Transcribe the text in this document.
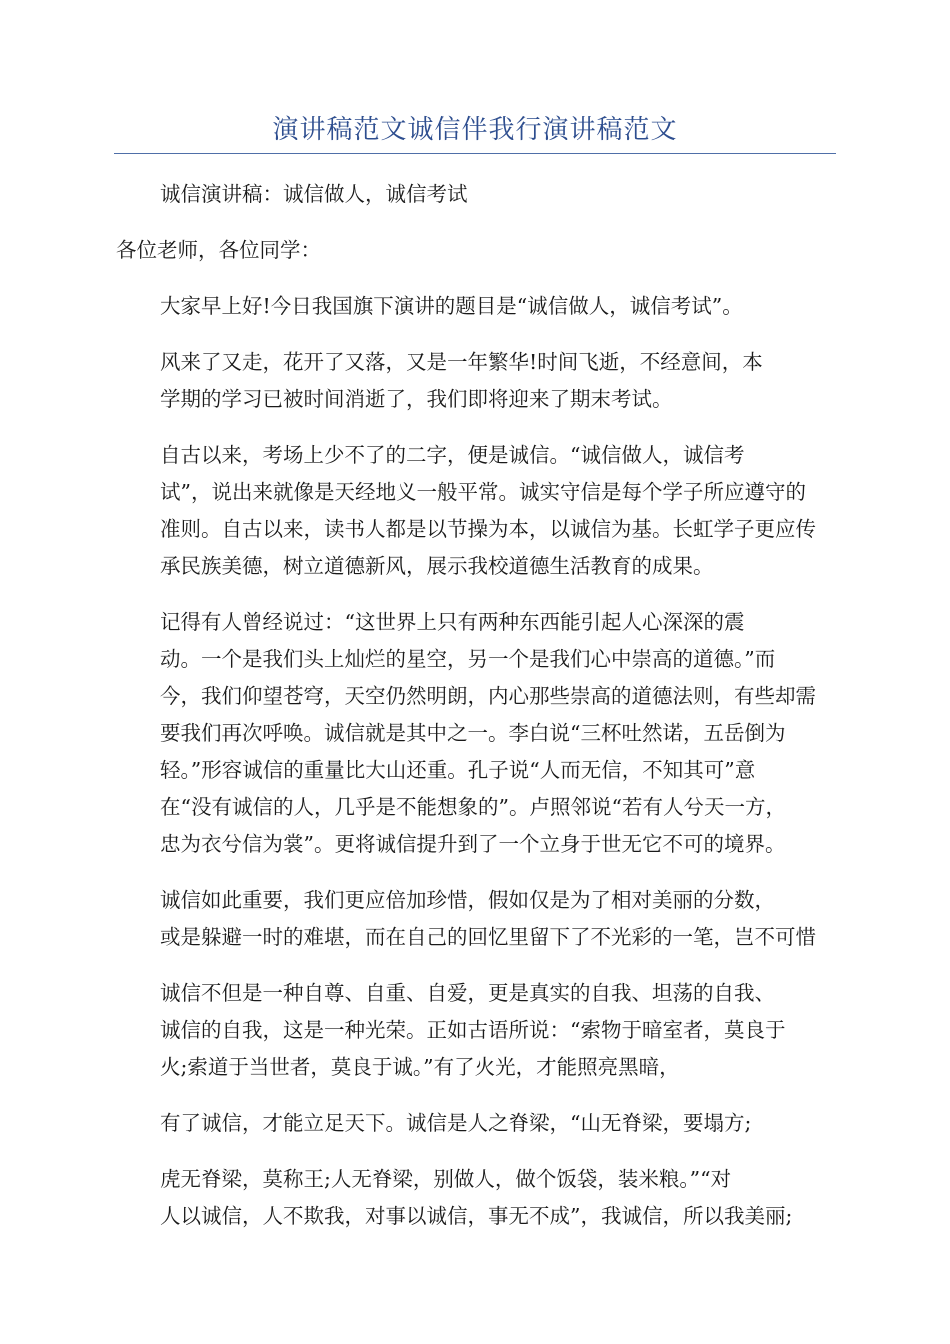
演讲稿范文诚信伴我行演讲稿范文

诚信演讲稿：诚信做人，诚信考试

各位老师，各位同学：

大家早上好!今日我国旗下演讲的题目是“诚信做人，诚信考试”。

风来了又走，花开了又落，又是一年繁华!时间飞逝，不经意间，本
学期的学习已被时间消逝了，我们即将迎来了期末考试。

自古以来，考场上少不了的二字，便是诚信。“诚信做人，诚信考
试”，说出来就像是天经地义一般平常。诚实守信是每个学子所应遵守的
准则。自古以来，读书人都是以节操为本，以诚信为基。长虹学子更应传
承民族美德，树立道德新风，展示我校道德生活教育的成果。

记得有人曾经说过：“这世界上只有两种东西能引起人心深深的震
动。一个是我们头上灿烂的星空，另一个是我们心中崇高的道德。”而
今，我们仰望苍穹，天空仍然明朗，内心那些崇高的道德法则，有些却需
要我们再次呼唤。诚信就是其中之一。李白说“三杯吐然诺，五岳倒为
轻。”形容诚信的重量比大山还重。孔子说“人而无信，不知其可”意
在“没有诚信的人，几乎是不能想象的”。卢照邻说“若有人兮天一方，
忠为衣兮信为裳”。更将诚信提升到了一个立身于世无它不可的境界。

诚信如此重要，我们更应倍加珍惜，假如仅是为了相对美丽的分数，
或是躲避一时的难堪，而在自己的回忆里留下了不光彩的一笔，岂不可惜

诚信不但是一种自尊、自重、自爱，更是真实的自我、坦荡的自我、
诚信的自我，这是一种光荣。正如古语所说：“索物于暗室者，莫良于
火;索道于当世者，莫良于诚。”有了火光，才能照亮黑暗，

有了诚信，才能立足天下。诚信是人之脊梁，“山无脊梁，要塌方;

虎无脊梁，莫称王;人无脊梁，别做人，做个饭袋，装米粮。”“对
人以诚信，人不欺我，对事以诚信，事无不成”，我诚信，所以我美丽;
